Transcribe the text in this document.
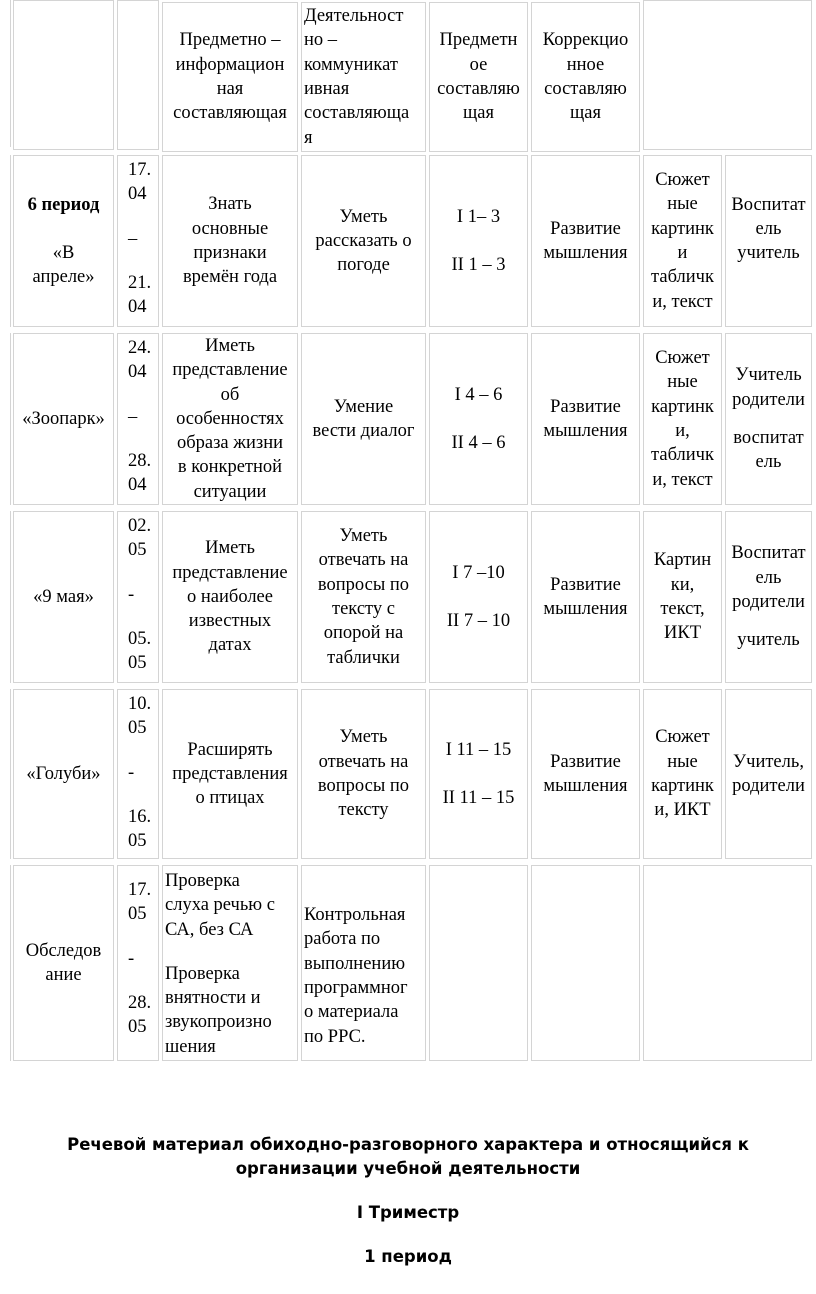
Предметно –
информацион
ная
составляющая
Деятельност
но –
коммуникат
ивная
составляюща
я
Предметн
ое
составляю
щая
Коррекцио
нное
составляю
щая
6 период
«В
апреле»
17.
04
–
21.
04
Знать
основные
признаки
времён года
Уметь
рассказать о
погоде
I 1– 3
II 1 – 3
Развитие
мышления
Сюжет
ные
картинк
и
табличк
и, текст
Воспитат
ель
учитель
«Зоопарк»
24.
04
–
28.
04
Иметь
представление
об
особенностях
образа жизни
в конкретной
ситуации
Умение
вести диалог
I 4 – 6
II 4 – 6
Развитие
мышления
Сюжет
ные
картинк
и,
табличк
и, текст
Учитель
родители
воспитат
ель
«9 мая»
02.
05
-
05.
05
Иметь
представление
о наиболее
известных
датах
Уметь
отвечать на
вопросы по
тексту с
опорой на
таблички
I 7 –10
II 7 – 10
Развитие
мышления
Картин
ки,
текст,
ИКТ
Воспитат
ель
родители
учитель
«Голуби»
10.
05
-
16.
05
Расширять
представления
о птицах
Уметь
отвечать на
вопросы по
тексту
I 11 – 15
II 11 – 15
Развитие
мышления
Сюжет
ные
картинк
и, ИКТ
Учитель,
родители
Обследов
ание
17.
05
-
28.
05
Проверка
слуха речью с
СА, без СА
Проверка
внятности и
звукопроизно
шения
Контрольная
работа по
выполнению
программног
о материала
по РРС.
Речевой материал обиходно-разговорного характера и относящийся к
организации учебной деятельности
I Триместр
1 период
